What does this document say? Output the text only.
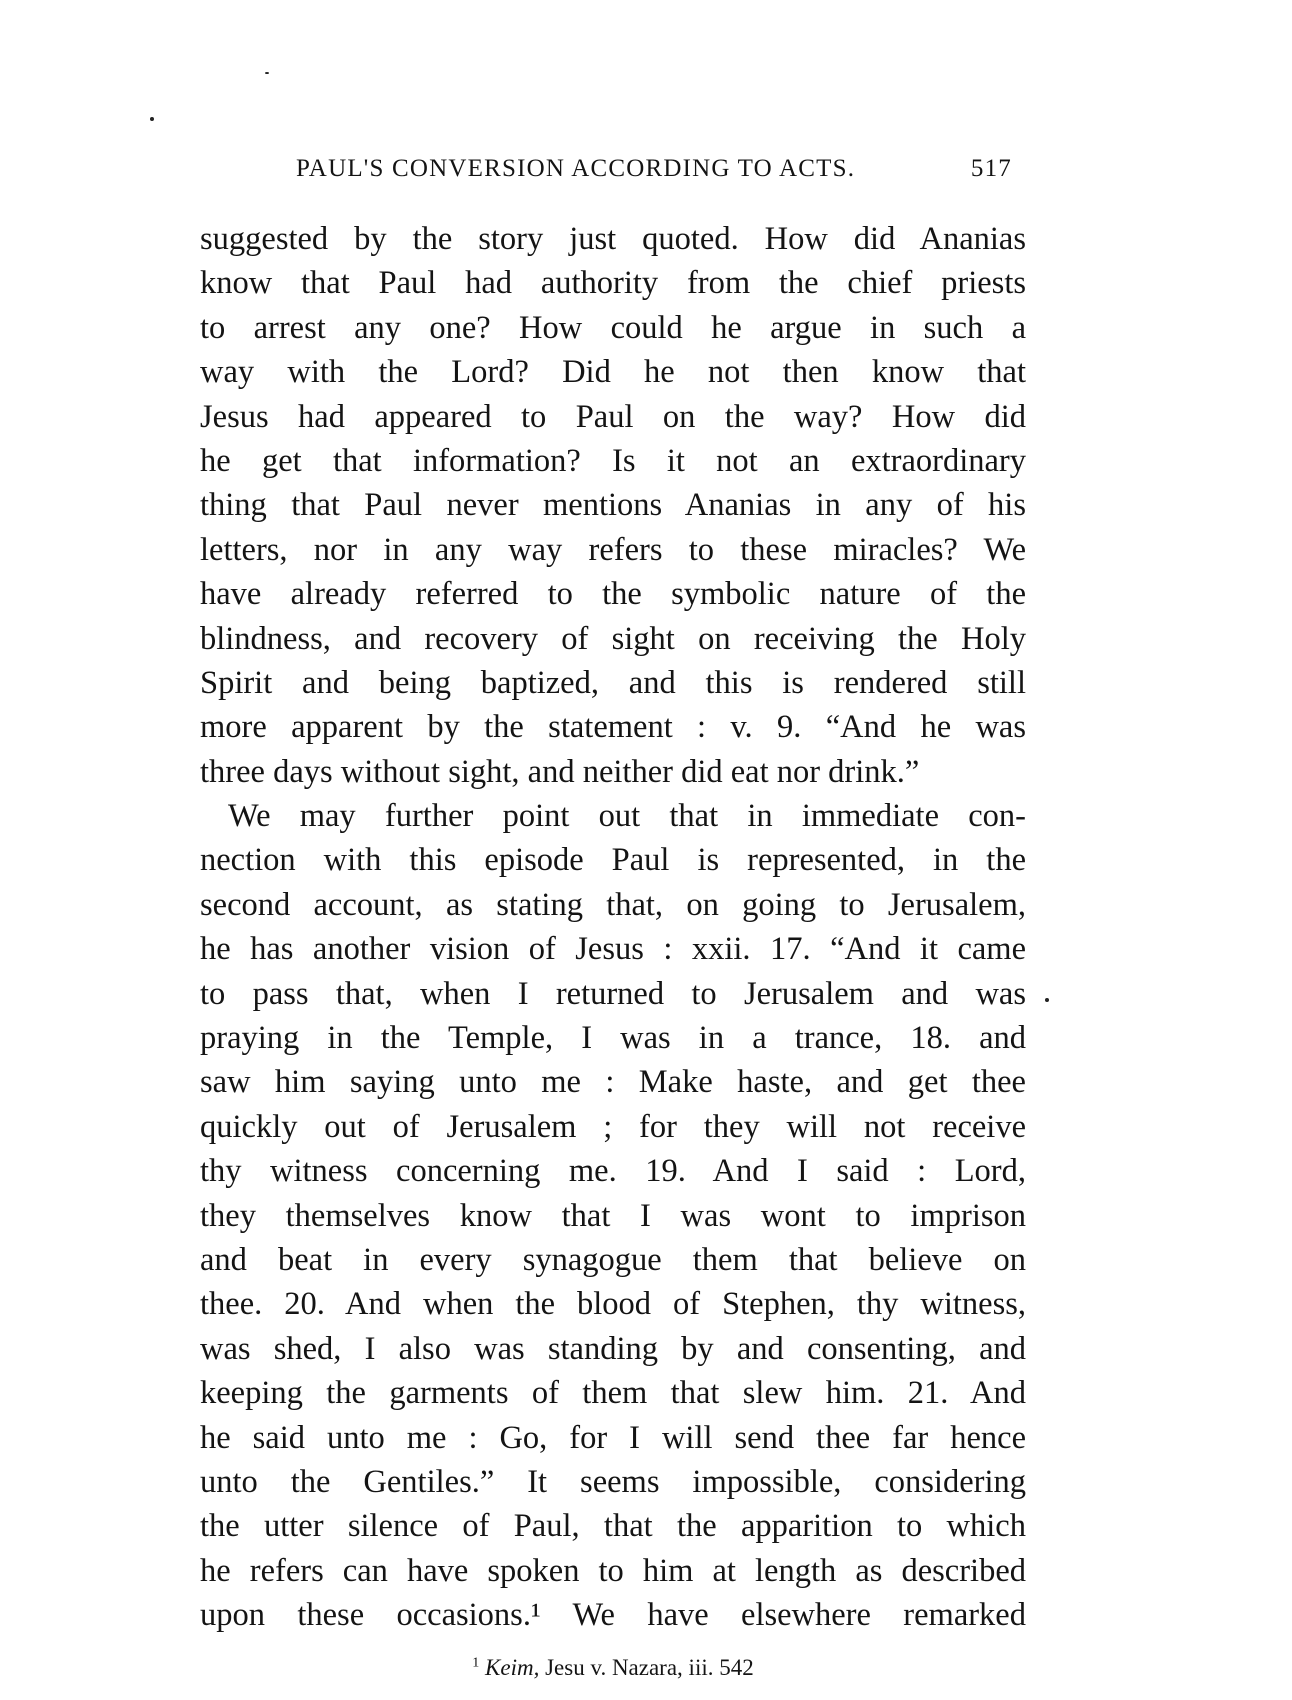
PAUL'S CONVERSION ACCORDING TO ACTS.	517
suggested by the story just quoted. How did Ananias
know that Paul had authority from the chief priests
to arrest any one? How could he argue in such a
way with the Lord? Did he not then know that
Jesus had appeared to Paul on the way? How did
he get that information? Is it not an extraordinary
thing that Paul never mentions Ananias in any of his
letters, nor in any way refers to these miracles? We
have already referred to the symbolic nature of the
blindness, and recovery of sight on receiving the Holy
Spirit and being baptized, and this is rendered still
more apparent by the statement : v. 9. “And he was
three days without sight, and neither did eat nor drink.”
We may further point out that in immediate con-
nection with this episode Paul is represented, in the
second account, as stating that, on going to Jerusalem,
he has another vision of Jesus : xxii. 17. “And it came
to pass that, when I returned to Jerusalem and was
praying in the Temple, I was in a trance, 18. and
saw him saying unto me : Make haste, and get thee
quickly out of Jerusalem ; for they will not receive
thy witness concerning me. 19. And I said : Lord,
they themselves know that I was wont to imprison
and beat in every synagogue them that believe on
thee. 20. And when the blood of Stephen, thy witness,
was shed, I also was standing by and consenting, and
keeping the garments of them that slew him. 21. And
he said unto me : Go, for I will send thee far hence
unto the Gentiles.” It seems impossible, considering
the utter silence of Paul, that the apparition to which
he refers can have spoken to him at length as described
upon these occasions.¹ We have elsewhere remarked
$^1$ Keim, Jesu v. Nazara, iii. 542
